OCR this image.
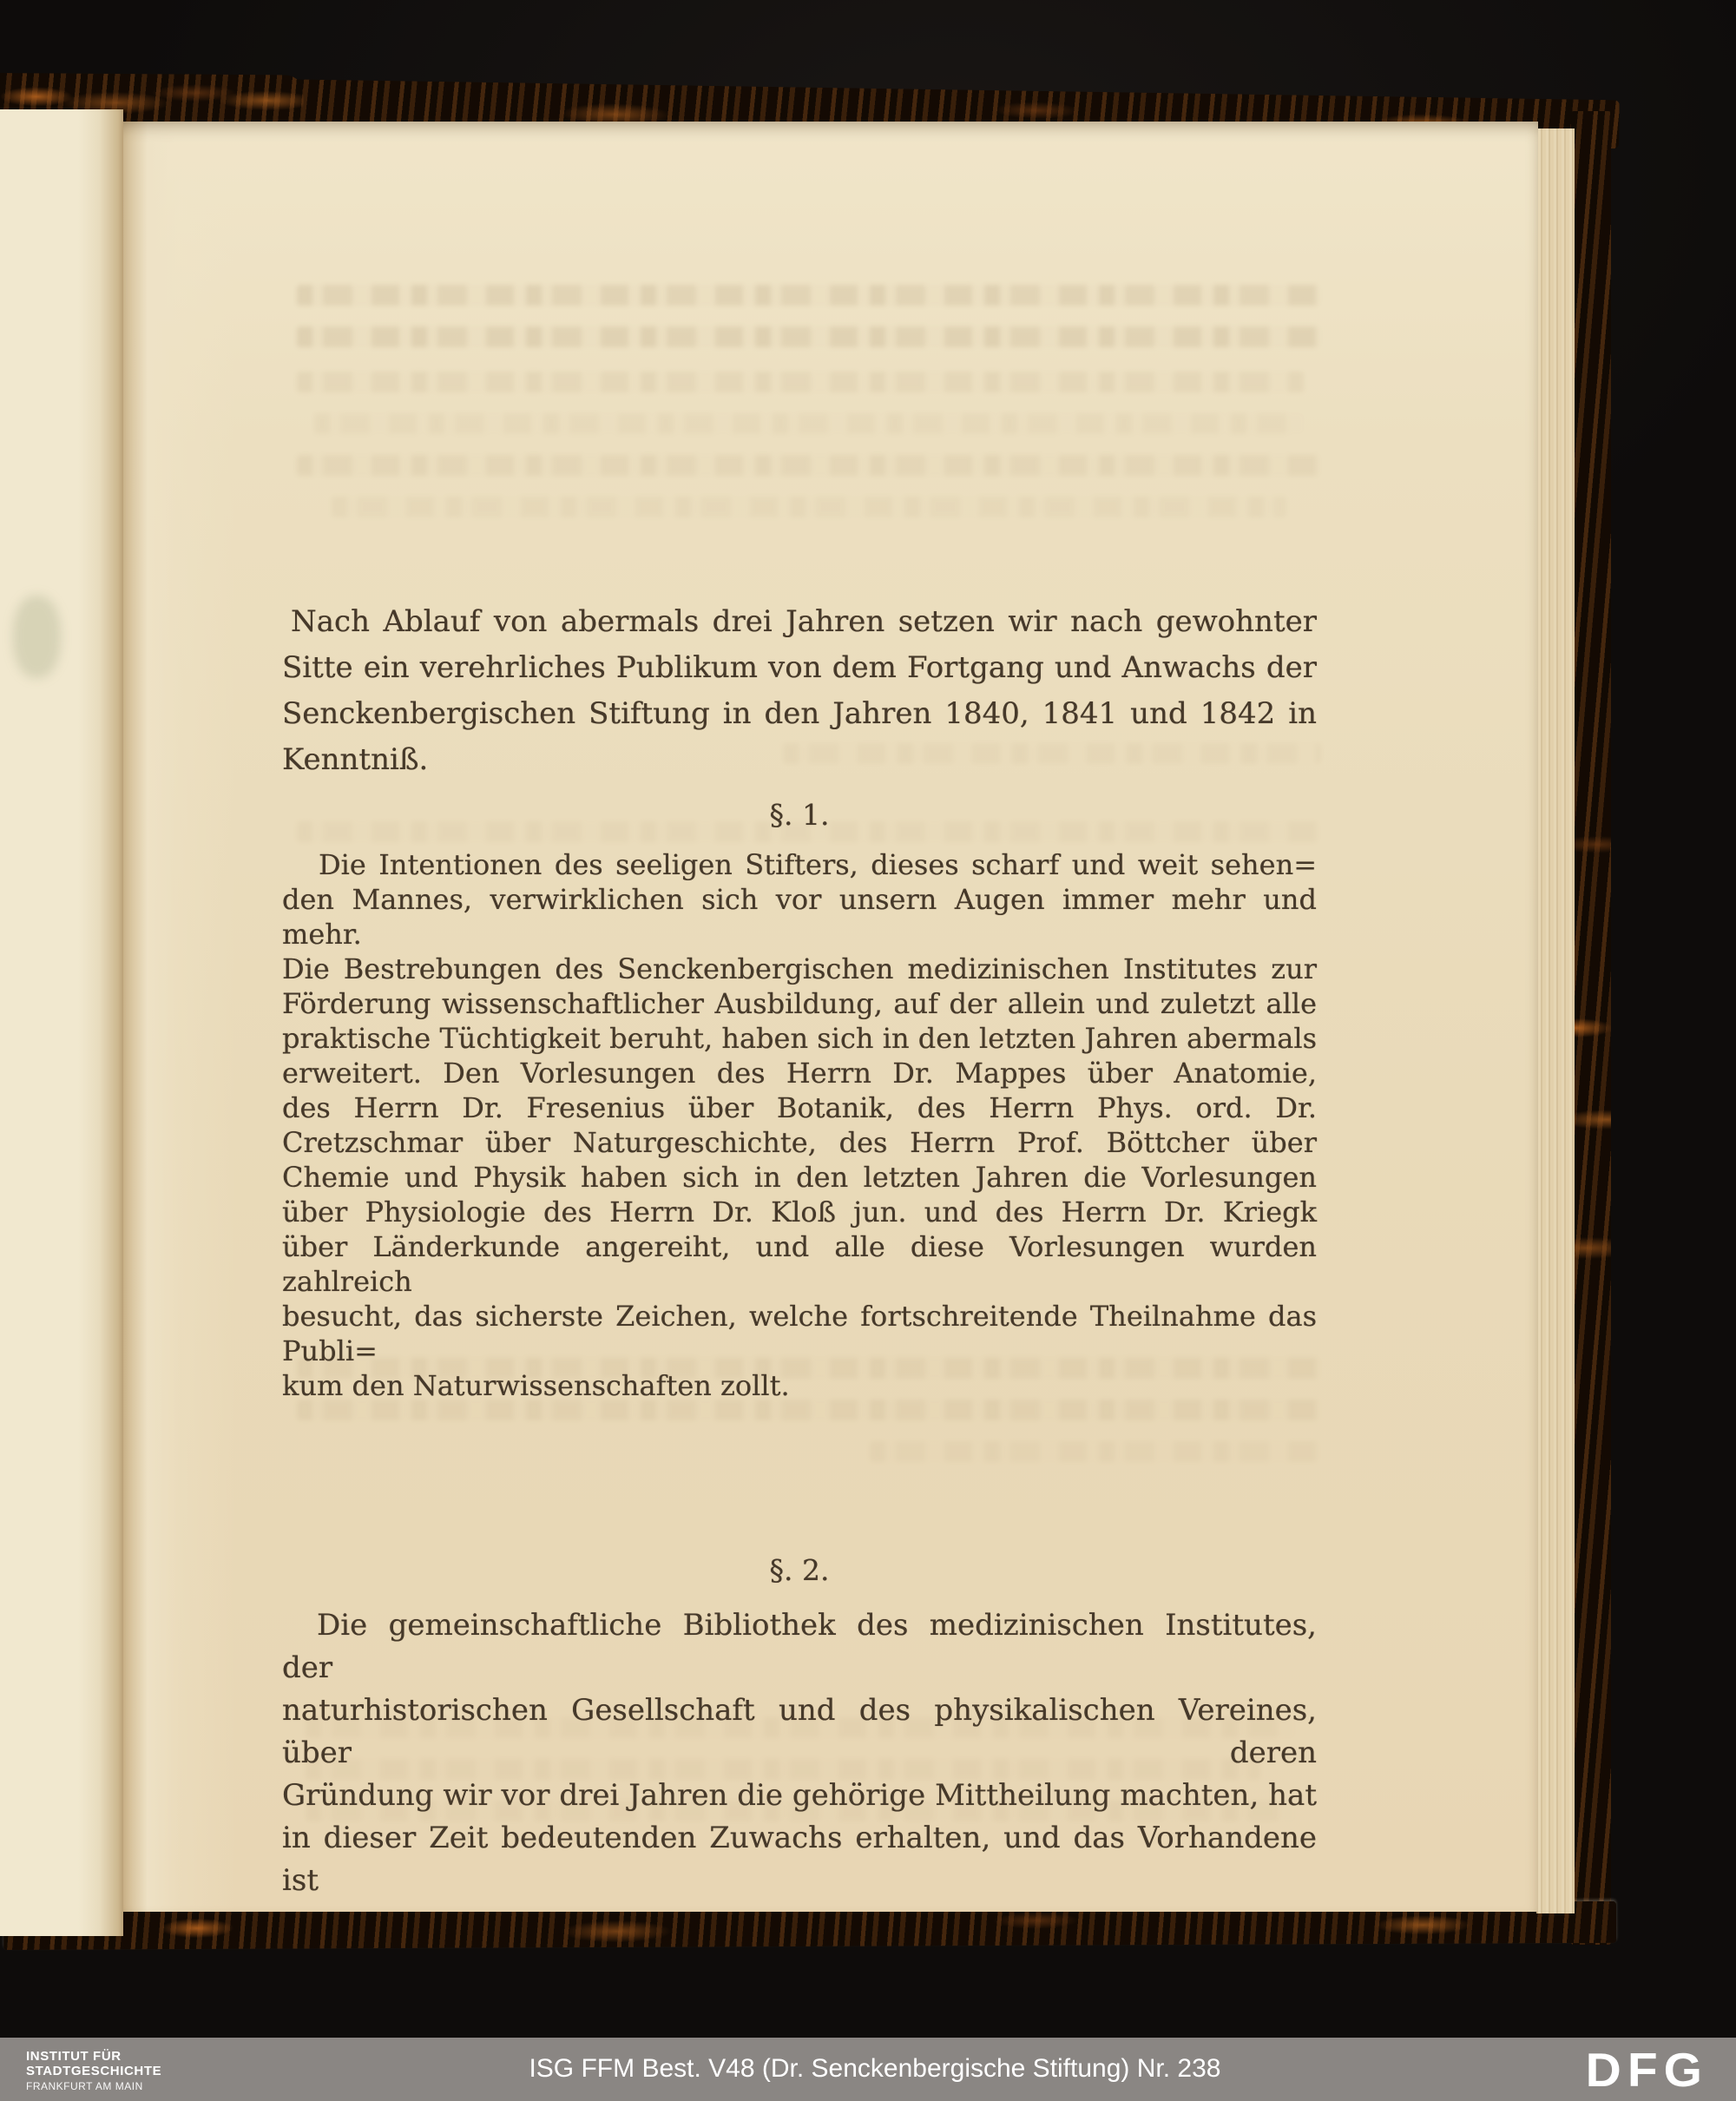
Nach Ablauf von abermals drei Jahren setzen wir nach gewohnter
Sitte ein verehrliches Publikum von dem Fortgang und Anwachs der
Senckenbergischen Stiftung in den Jahren 1840, 1841 und 1842 in
Kenntniß.
§. 1.
Die Intentionen des seeligen Stifters, dieses scharf und weit sehen=
den Mannes, verwirklichen sich vor unsern Augen immer mehr und mehr.
Die Bestrebungen des Senckenbergischen medizinischen Institutes zur
Förderung wissenschaftlicher Ausbildung, auf der allein und zuletzt alle
praktische Tüchtigkeit beruht, haben sich in den letzten Jahren abermals
erweitert. Den Vorlesungen des Herrn Dr. Mappes über Anatomie,
des Herrn Dr. Fresenius über Botanik, des Herrn Phys. ord. Dr.
Cretzschmar über Naturgeschichte, des Herrn Prof. Böttcher über
Chemie und Physik haben sich in den letzten Jahren die Vorlesungen
über Physiologie des Herrn Dr. Kloß jun. und des Herrn Dr. Kriegk
über Länderkunde angereiht, und alle diese Vorlesungen wurden zahlreich
besucht, das sicherste Zeichen, welche fortschreitende Theilnahme das Publi=
kum den Naturwissenschaften zollt.
§. 2.
Die gemeinschaftliche Bibliothek des medizinischen Institutes, der
naturhistorischen Gesellschaft und des physikalischen Vereines, über deren
Gründung wir vor drei Jahren die gehörige Mittheilung machten, hat
in dieser Zeit bedeutenden Zuwachs erhalten, und das Vorhandene ist
INSTITUT FÜR
STADTGESCHICHTE
FRANKFURT AM MAIN
ISG FFM Best. V48 (Dr. Senckenbergische Stiftung) Nr. 238	DFG
